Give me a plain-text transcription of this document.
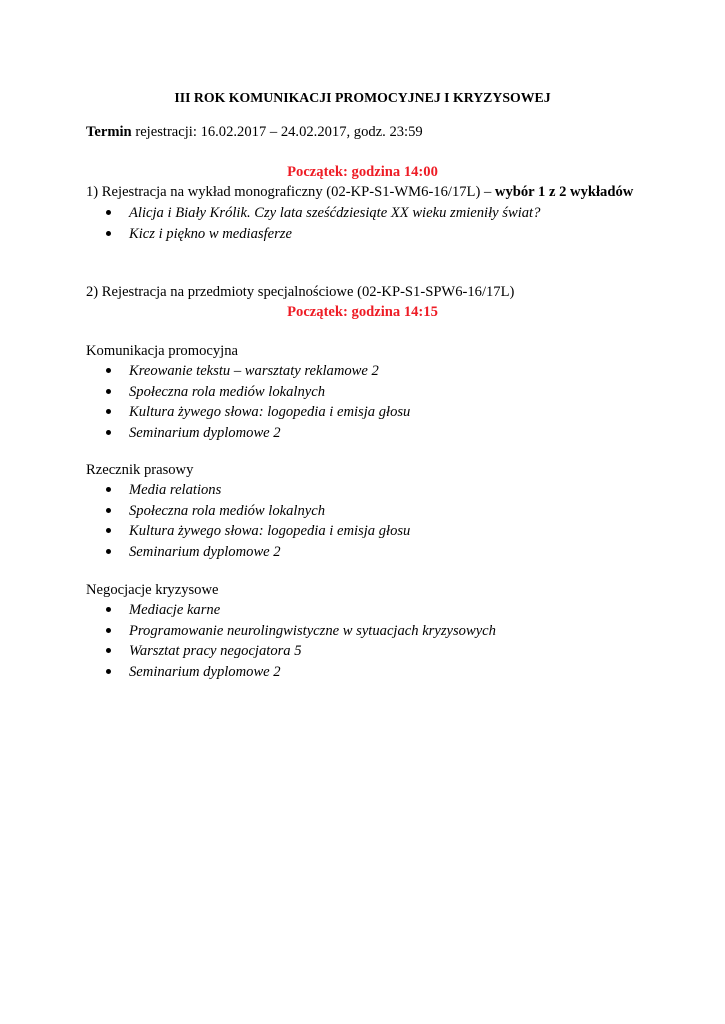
III ROK KOMUNIKACJI PROMOCYJNEJ I KRYZYSOWEJ
Termin rejestracji: 16.02.2017 – 24.02.2017, godz. 23:59
Początek: godzina 14:00
1) Rejestracja na wykład monograficzny (02-KP-S1-WM6-16/17L) – wybór 1 z 2 wykładów
Alicja i Biały Królik. Czy lata sześćdziesiąte XX wieku zmieniły świat?
Kicz i piękno w mediasferze
2) Rejestracja na przedmioty specjalnościowe (02-KP-S1-SPW6-16/17L)
Początek: godzina 14:15
Komunikacja promocyjna
Kreowanie tekstu – warsztaty reklamowe 2
Społeczna rola mediów lokalnych
Kultura żywego słowa: logopedia i emisja głosu
Seminarium dyplomowe 2
Rzecznik prasowy
Media relations
Społeczna rola mediów lokalnych
Kultura żywego słowa: logopedia i emisja głosu
Seminarium dyplomowe 2
Negocjacje kryzysowe
Mediacje karne
Programowanie neurolingwistyczne w sytuacjach kryzysowych
Warsztat pracy negocjatora 5
Seminarium dyplomowe 2
